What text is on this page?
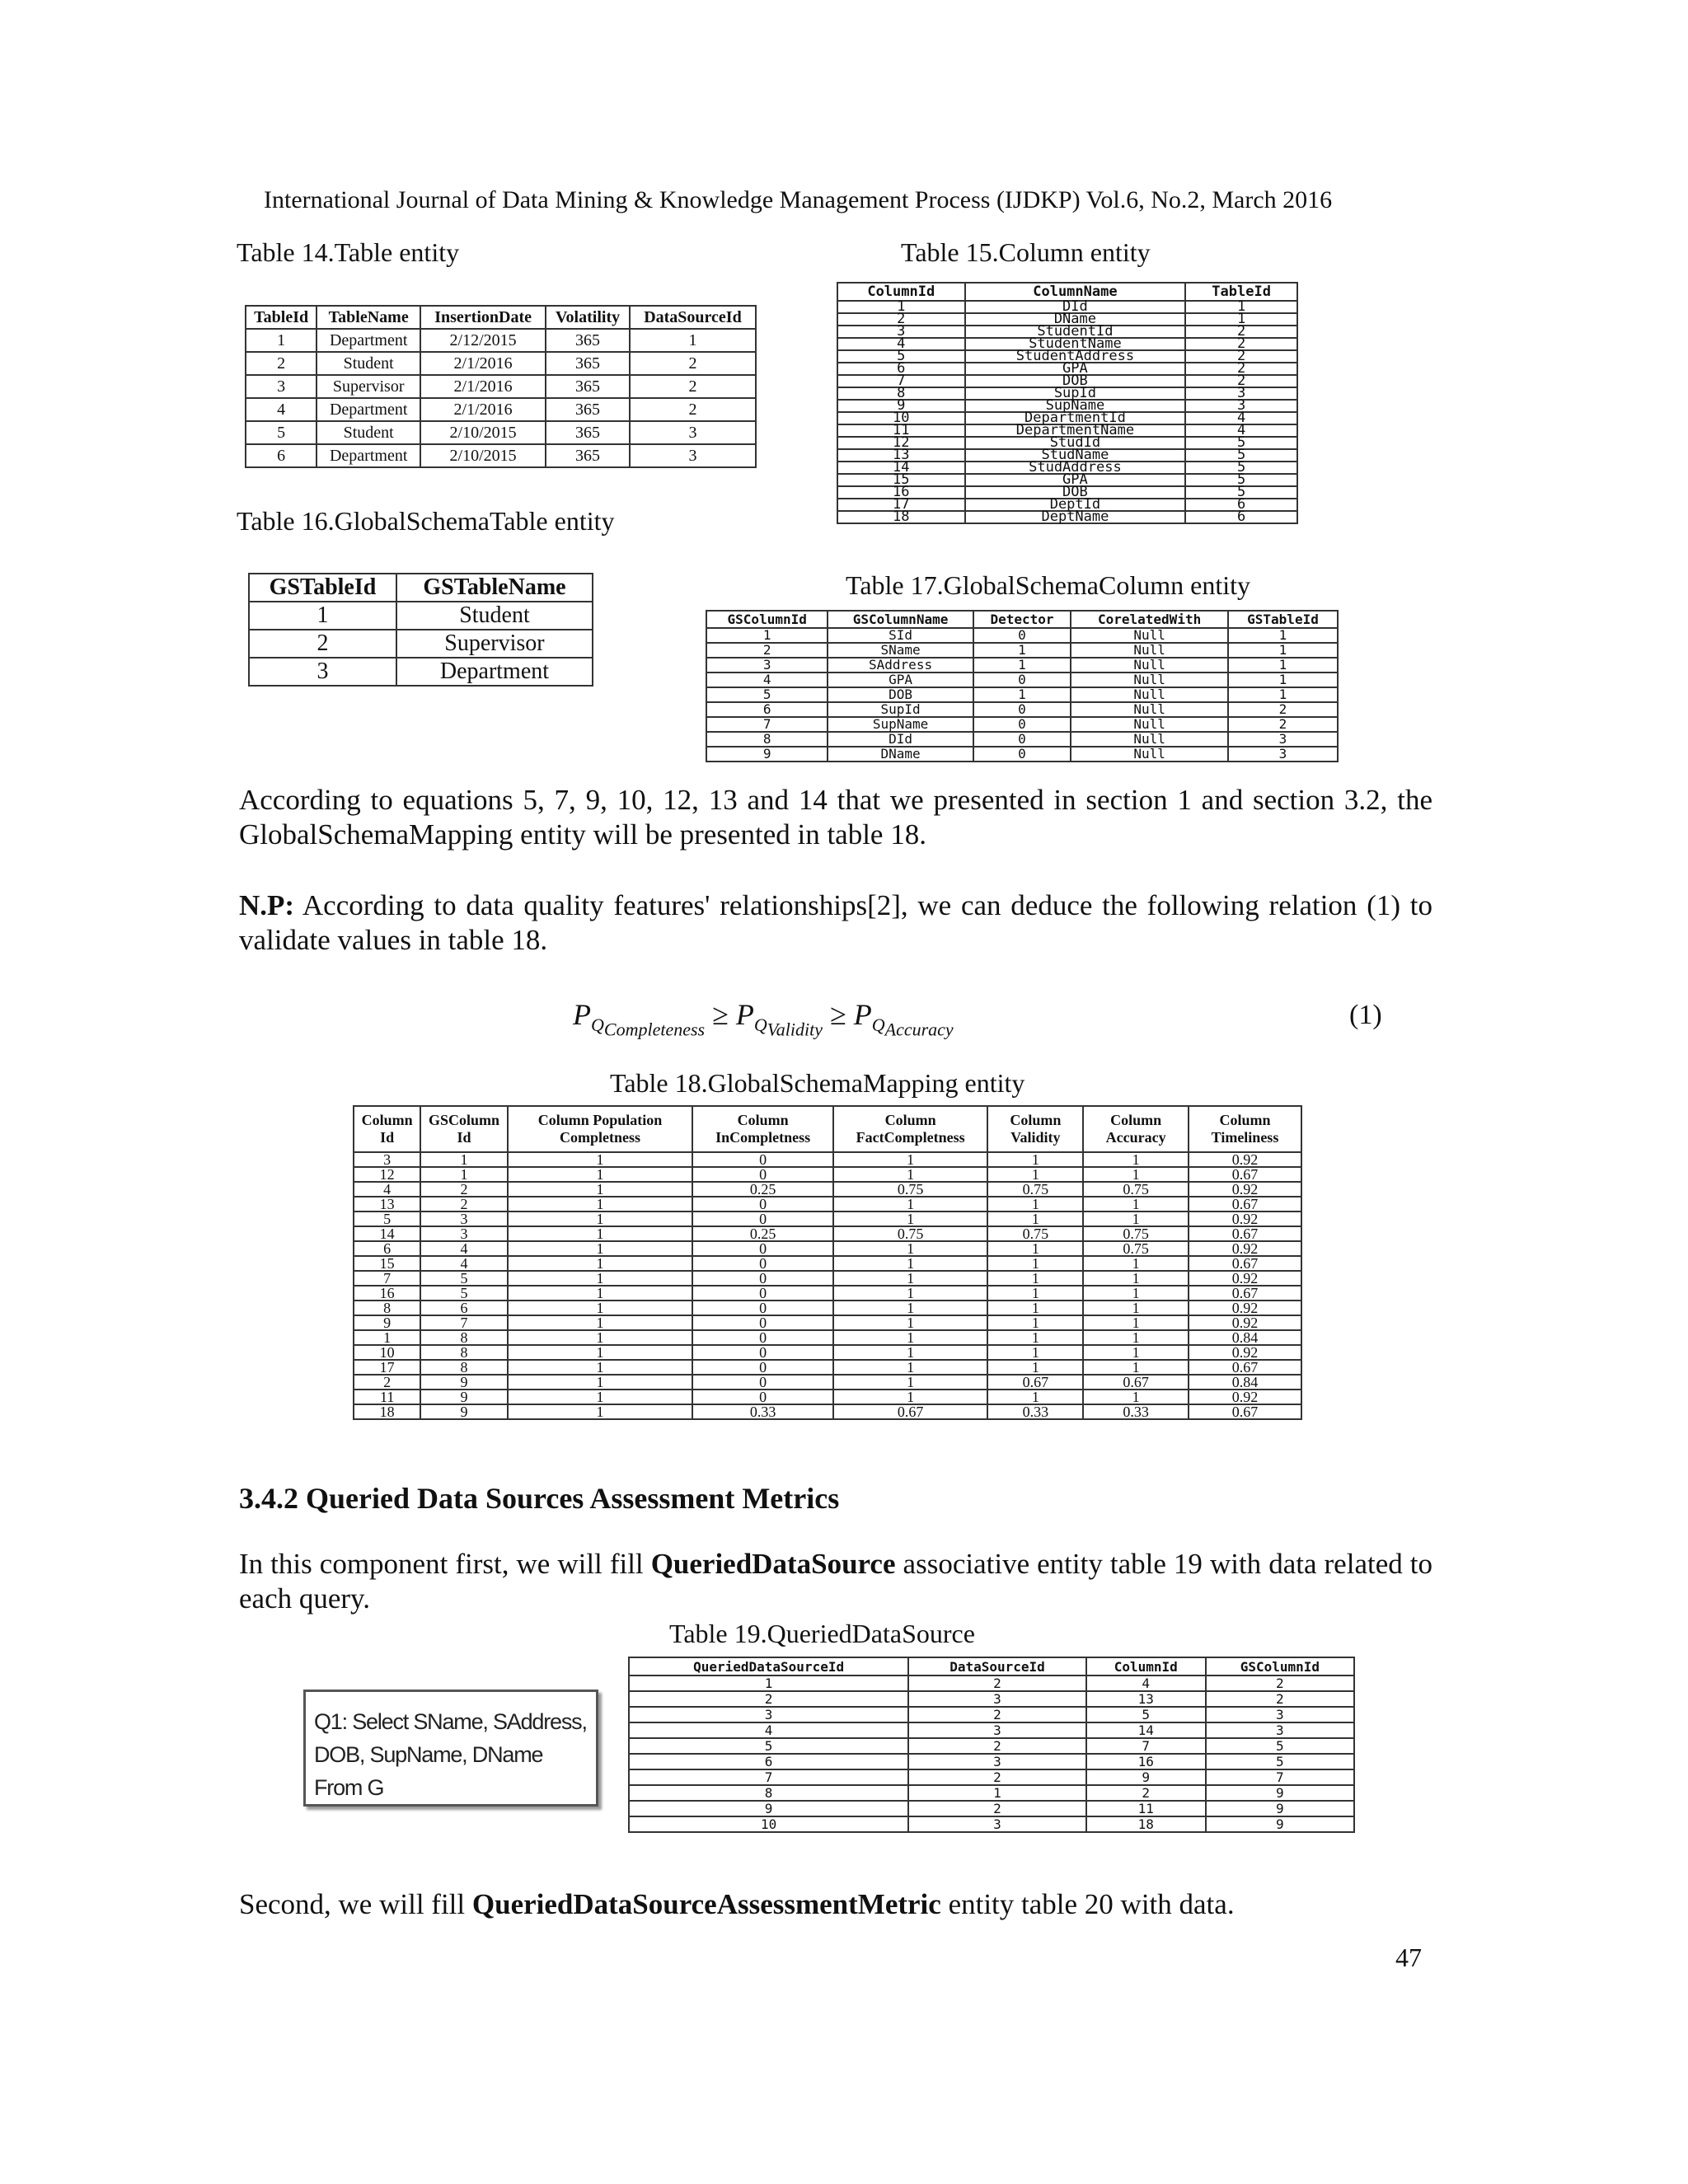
International Journal of Data Mining & Knowledge Management Process (IJDKP) Vol.6, No.2, March 2016
Table 14.Table entity	Table 15.Column entity
TableId	TableName	InsertionDate	Volatility	DataSourceId
1	Department	2/12/2015	365	1
2	Student	2/1/2016	365	2
3	Supervisor	2/1/2016	365	2
4	Department	2/1/2016	365	2
5	Student	2/10/2015	365	3
6	Department	2/10/2015	365	3
ColumnId	ColumnName	TableId
1	DId	1
2	DName	1
3	StudentId	2
4	StudentName	2
5	StudentAddress	2
6	GPA	2
7	DOB	2
8	SupId	3
9	SupName	3
10	DepartmentId	4
11	DepartmentName	4
12	StudId	5
13	StudName	5
14	StudAddress	5
15	GPA	5
16	DOB	5
17	DeptId	6
18	DeptName	6
Table 16.GlobalSchemaTable entity
GSTableId	GSTableName
1	Student
2	Supervisor
3	Department
Table 17.GlobalSchemaColumn entity
GSColumnId	GSColumnName	Detector	CorelatedWith	GSTableId
1	SId	0	Null	1
2	SName	1	Null	1
3	SAddress	1	Null	1
4	GPA	0	Null	1
5	DOB	1	Null	1
6	SupId	0	Null	2
7	SupName	0	Null	2
8	DId	0	Null	3
9	DName	0	Null	3

According to equations 5, 7, 9, 10, 12, 13 and 14 that we presented in section 1 and section 3.2, the GlobalSchemaMapping entity will be presented in table 18.

N.P: According to data quality features' relationships[2], we can deduce the following relation (1) to validate values in table 18.

$P_{Q_{Completeness}} \ge P_{Q_{Validity}} \ge P_{Q_{Accuracy}}$	(1)
Table 18.GlobalSchemaMapping entity
Column Id	GSColumn Id	Column Population Completness	Column InCompletness	Column FactCompletness	Column Validity	Column Accuracy	Column Timeliness
3	1	1	0	1	1	1	0.92
12	1	1	0	1	1	1	0.67
4	2	1	0.25	0.75	0.75	0.75	0.92
13	2	1	0	1	1	1	0.67
5	3	1	0	1	1	1	0.92
14	3	1	0.25	0.75	0.75	0.75	0.67
6	4	1	0	1	1	0.75	0.92
15	4	1	0	1	1	1	0.67
7	5	1	0	1	1	1	0.92
16	5	1	0	1	1	1	0.67
8	6	1	0	1	1	1	0.92
9	7	1	0	1	1	1	0.92
1	8	1	0	1	1	1	0.84
10	8	1	0	1	1	1	0.92
17	8	1	0	1	1	1	0.67
2	9	1	0	1	0.67	0.67	0.84
11	9	1	0	1	1	1	0.92
18	9	1	0.33	0.67	0.33	0.33	0.67
3.4.2 Queried Data Sources Assessment Metrics

In this component first, we will fill QueriedDataSource associative entity table 19 with data related to each query.

Table 19.QueriedDataSource
Q1: Select SName, SAddress, DOB, SupName, DName From G
QueriedDataSourceId	DataSourceId	ColumnId	GSColumnId
1	2	4	2
2	3	13	2
3	2	5	3
4	3	14	3
5	2	7	5
6	3	16	5
7	2	9	7
8	1	2	9
9	2	11	9
10	3	18	9

Second, we will fill QueriedDataSourceAssessmentMetric entity table 20 with data.

47
